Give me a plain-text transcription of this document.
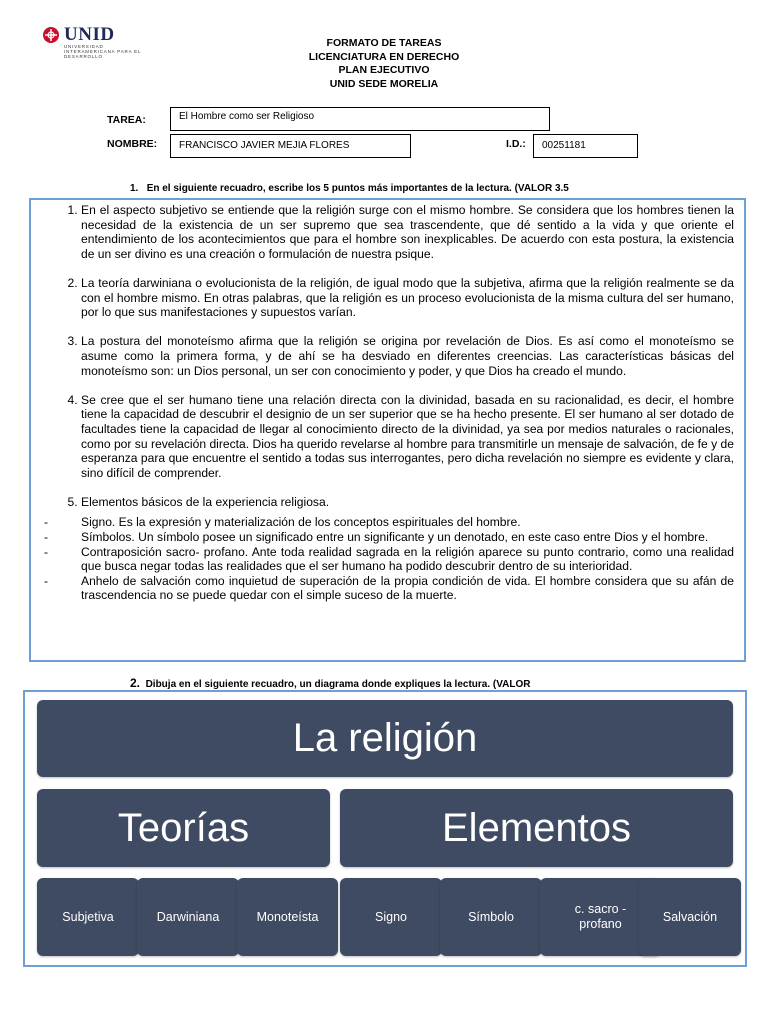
UNID
UNIVERSIDAD INTERAMERICANA PARA EL DESARROLLO
FORMATO DE TAREAS
LICENCIATURA EN DERECHO
PLAN EJECUTIVO
UNID SEDE MORELIA
TAREA:	El Hombre como ser Religioso
NOMBRE:	FRANCISCO JAVIER MEJIA FLORES	I.D.:	00251181
1. En el siguiente recuadro, escribe los 5 puntos más importantes de la lectura. (VALOR 3.5
1. En el aspecto subjetivo se entiende que la religión surge con el mismo hombre. Se considera que los hombres tienen la necesidad de la existencia de un ser supremo que sea trascendente, que dé sentido a la vida y que oriente el entendimiento de los acontecimientos que para el hombre son inexplicables. De acuerdo con esta postura, la existencia de un ser divino es una creación o formulación de nuestra psique.
2. La teoría darwiniana o evolucionista de la religión, de igual modo que la subjetiva, afirma que la religión realmente se da con el hombre mismo. En otras palabras, que la religión es un proceso evolucionista de la misma cultura del ser humano, por lo que sus manifestaciones y supuestos varían.
3. La postura del monoteísmo afirma que la religión se origina por revelación de Dios. Es así como el monoteísmo se asume como la primera forma, y de ahí se ha desviado en diferentes creencias. Las características básicas del monoteísmo son: un Dios personal, un ser con conocimiento y poder, y que Dios ha creado el mundo.
4. Se cree que el ser humano tiene una relación directa con la divinidad, basada en su racionalidad, es decir, el hombre tiene la capacidad de descubrir el designio de un ser superior que se ha hecho presente. El ser humano al ser dotado de facultades tiene la capacidad de llegar al conocimiento directo de la divinidad, ya sea por medios naturales o racionales, como por su revelación directa. Dios ha querido revelarse al hombre para transmitirle un mensaje de salvación, de fe y de esperanza para que encuentre el sentido a todas sus interrogantes, pero dicha revelación no siempre es evidente y clara, sino difícil de comprender.
5. Elementos básicos de la experiencia religiosa.
- Signo. Es la expresión y materialización de los conceptos espirituales del hombre.
- Símbolos. Un símbolo posee un significado entre un significante y un denotado, en este caso entre Dios y el hombre.
- Contraposición sacro- profano. Ante toda realidad sagrada en la religión aparece su punto contrario, como una realidad que busca negar todas las realidades que el ser humano ha podido descubrir dentro de su interioridad.
- Anhelo de salvación como inquietud de superación de la propia condición de vida. El hombre considera que su afán de trascendencia no se puede quedar con el simple suceso de la muerte.
2. Dibuja en el siguiente recuadro, un diagrama donde expliques la lectura. (VALOR
La religión
Teorías	Elementos
Subjetiva	Darwiniana	Monoteísta	Signo	Símbolo
c. sacro - profano
Salvación
